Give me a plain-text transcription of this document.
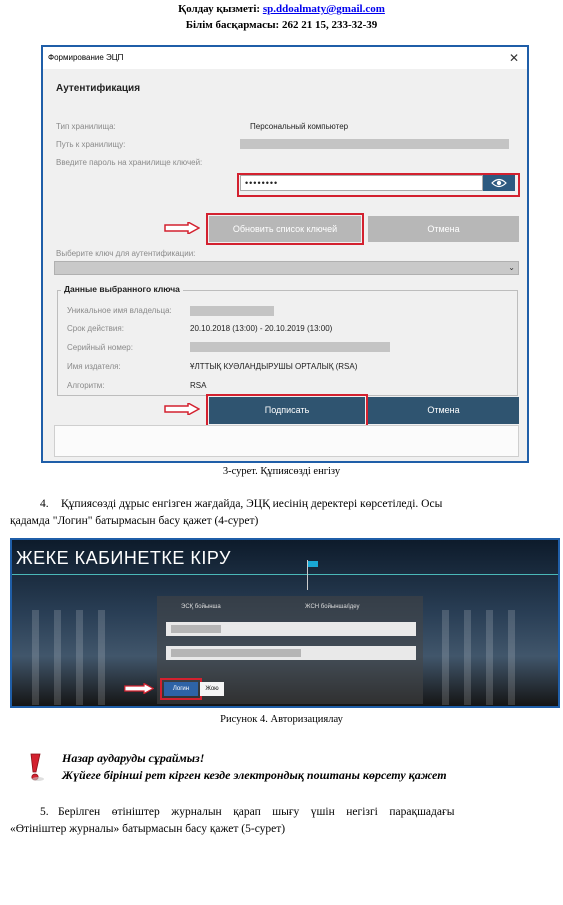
Қолдау қызметі: sp.ddoalmaty@gmail.com
Білім басқармасы: 262 21 15, 233-32-39
Формирование ЭЦП	✕
Аутентификация
Тип хранилища:	Персональный компьютер
Путь к хранилищу:
Введите пароль на хранилище ключей:
••••••••
Обновить список ключей	Отмена
Выберите ключ для аутентификации:
⌄
Данные выбранного ключа
Уникальное имя владельца:
Срок действия:	20.10.2018 (13:00) - 20.10.2019 (13:00)
Серийный номер:
Имя издателя:	ҰЛТТЫҚ КУӘЛАНДЫРУШЫ ОРТАЛЫҚ (RSA)
Алгоритм:	RSA
Подписать	Отмена
3-сурет. Құпиясөзді енгізу
4. Құпиясөзді дұрыс енгізген жағдайда, ЭЦҚ иесінің деректері көрсетіледі. Осы
қадамда "Логин" батырмасын басу қажет (4-сурет)
ЖЕКЕ КАБИНЕТКЕ КІРУ
ЭСҚ бойынша	ЖСН бойынша/ідеу
Логин	Жою
Рисунок 4. Авторизациялау
Назар аударуды сұраймыз!
Жүйеге бірінші рет кірген кезде электрондық поштаны көрсету қажет
5. Берілген    өтініштер    журналын    қарап    шығу    үшін    негізгі    парақшадағы
«Өтініштер журналы» батырмасын басу қажет (5-сурет)
